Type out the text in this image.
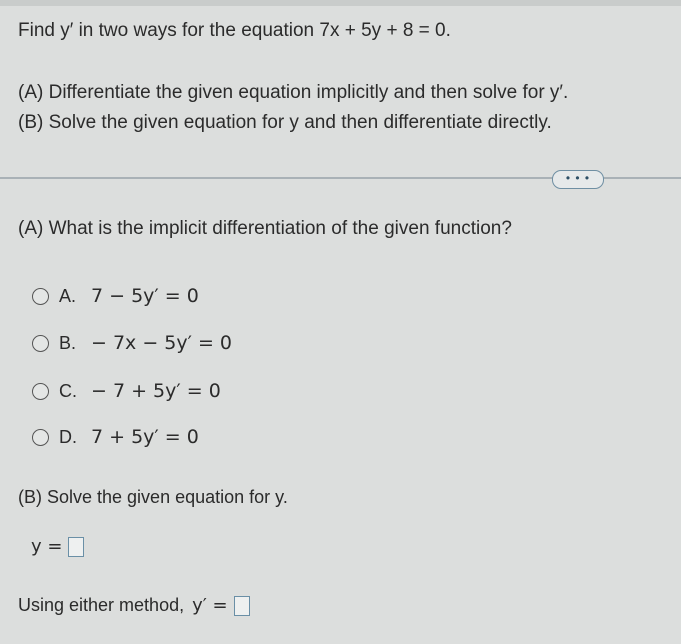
Find y′ in two ways for the equation 7x + 5y + 8 = 0.
(A) Differentiate the given equation implicitly and then solve for y′.
(B) Solve the given equation for y and then differentiate directly.
• • •
(A) What is the implicit differentiation of the given function?
A. 7 − 5y′ = 0
B. − 7x − 5y′ = 0
C. − 7 + 5y′ = 0
D. 7 + 5y′ = 0
(B) Solve the given equation for y.
y =
Using either method, y′ =
